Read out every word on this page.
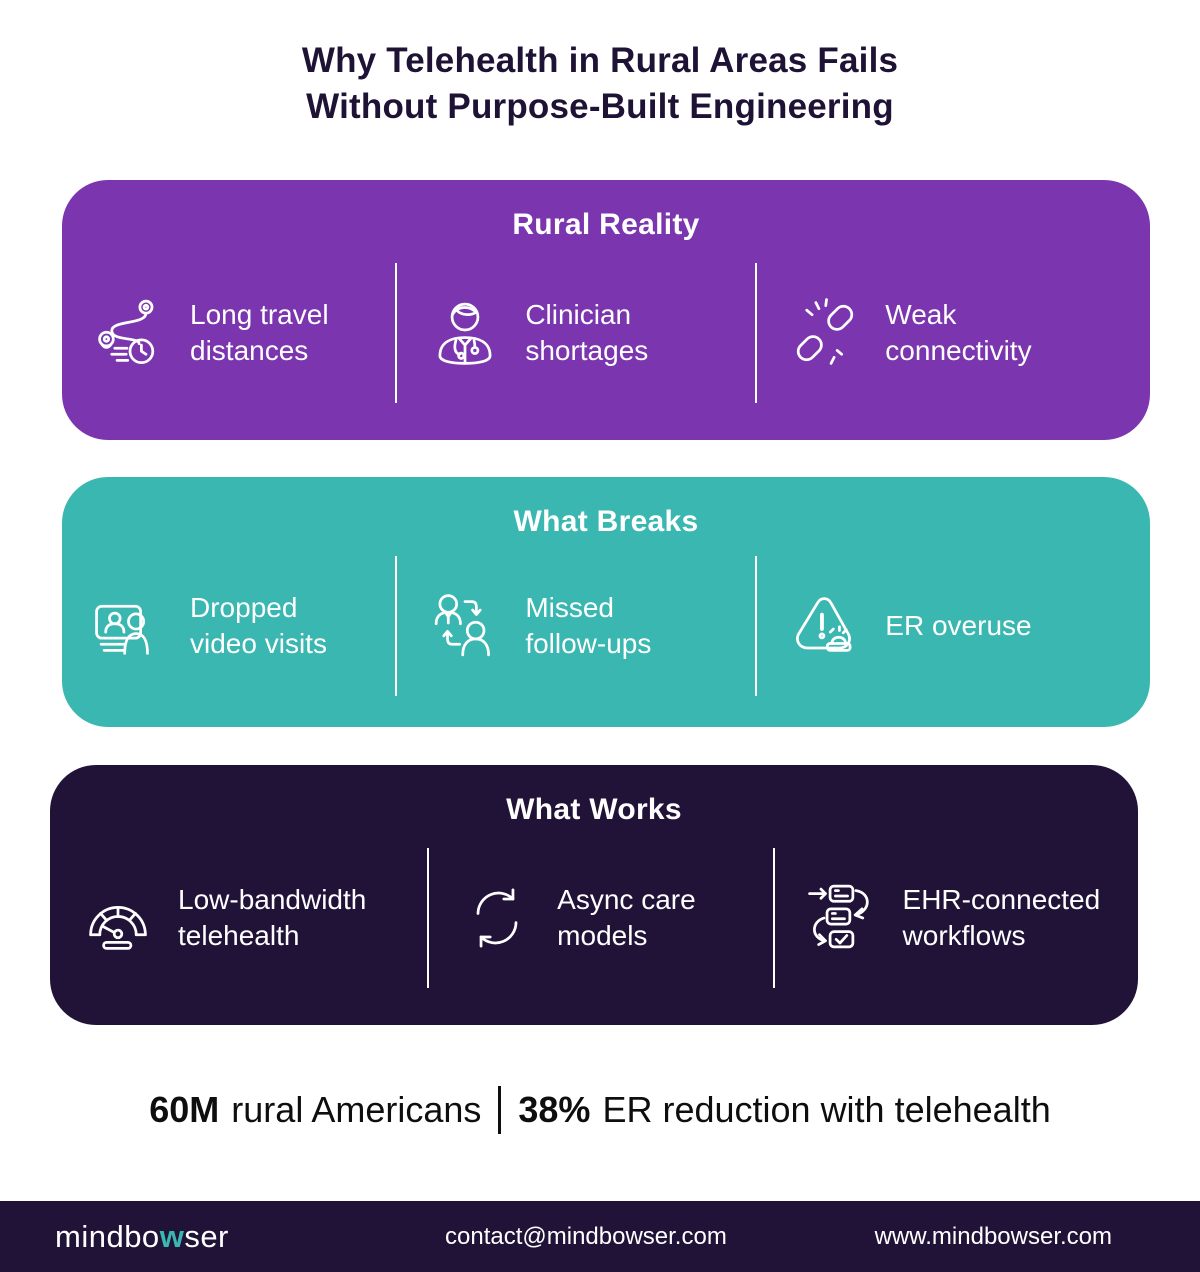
Why Telehealth in Rural Areas Fails
Without Purpose-Built Engineering
Rural Reality
Long travel
distances
Clinician
shortages
Weak
connectivity
What Breaks
Dropped
video visits
Missed
follow-ups
ER overuse
What Works
Low-bandwidth
telehealth
Async care
models
EHR-connected
workflows
60M rural Americans 38% ER reduction with telehealth
mindbowser	contact@mindbowser.com	www.mindbowser.com
